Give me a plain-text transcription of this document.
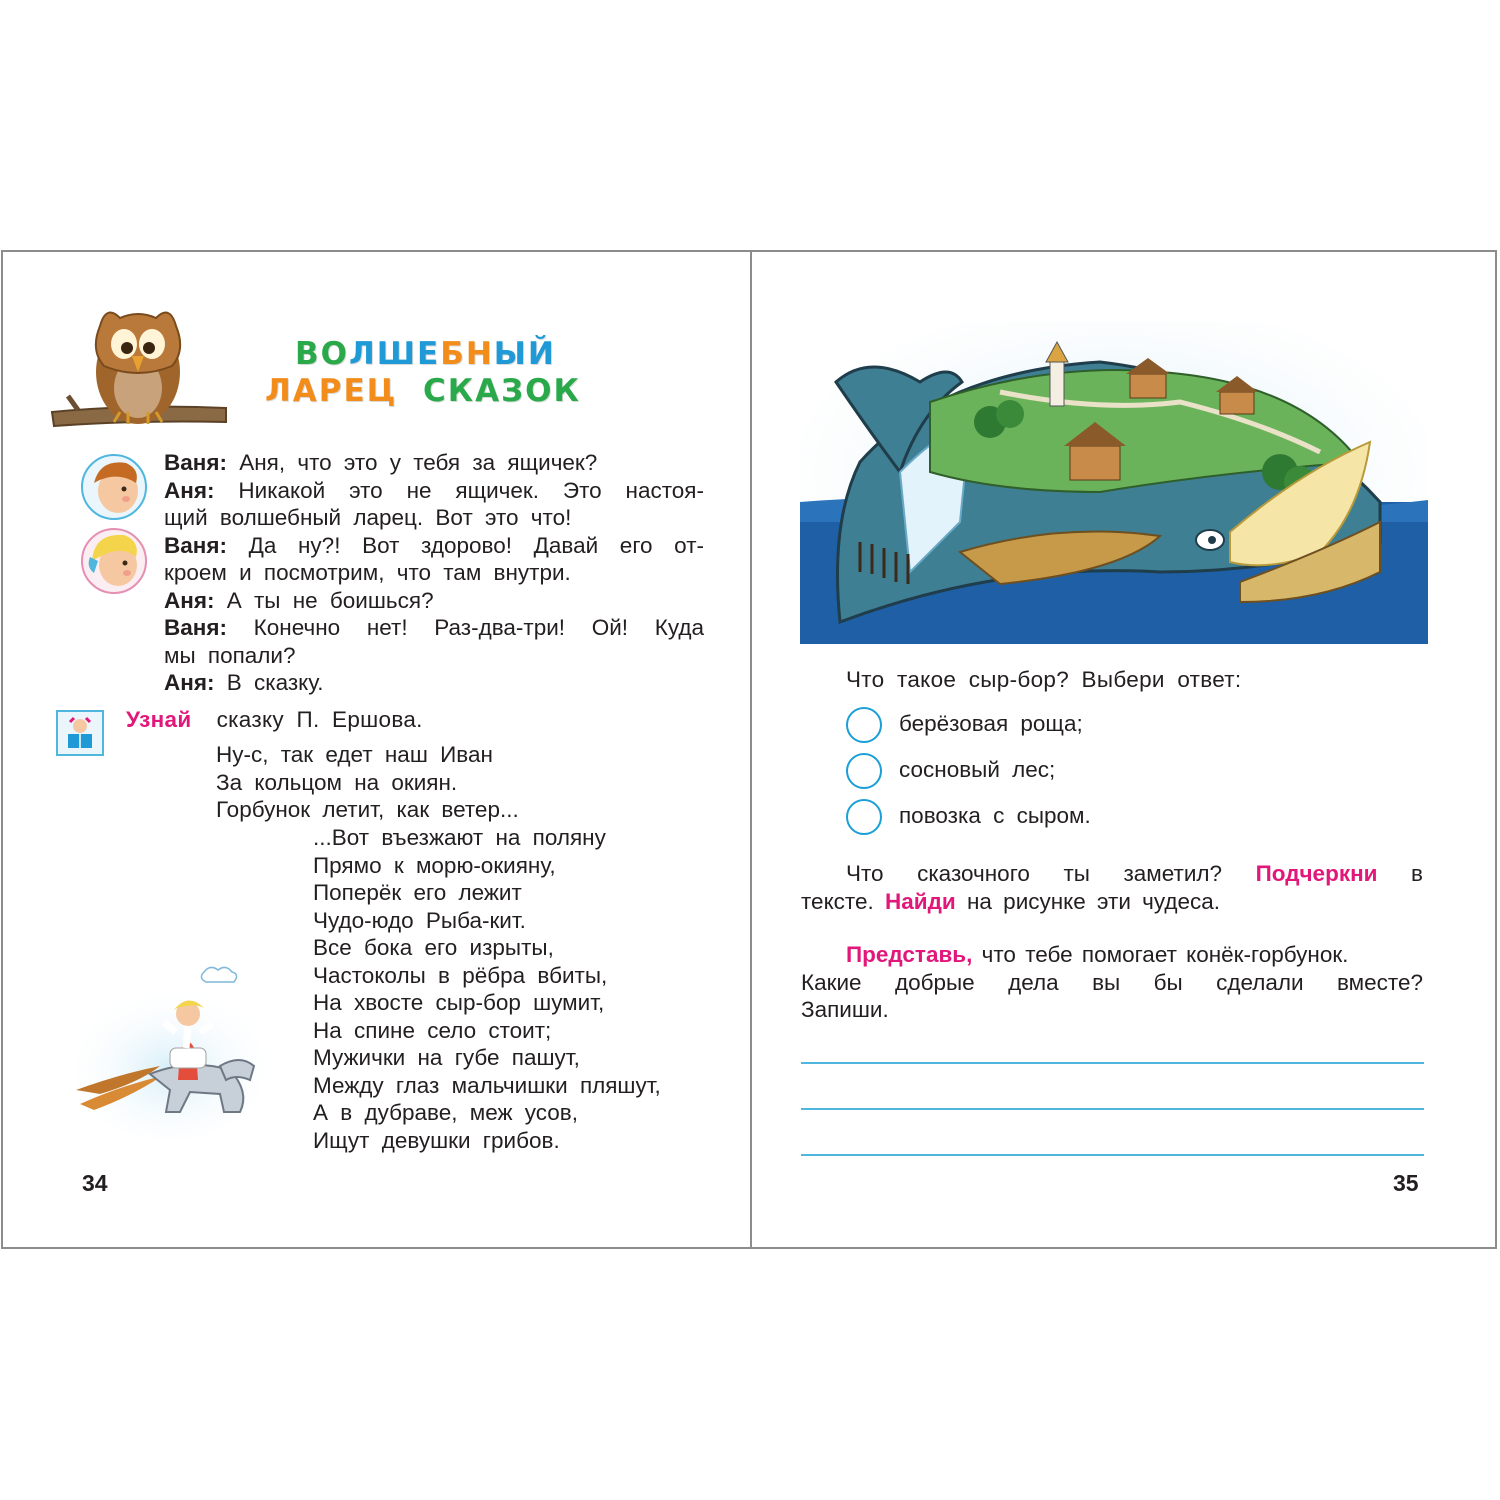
ВОЛШЕБНЫЙ
ЛАРЕЦ СКАЗОК
Ваня: Аня, что это у тебя за ящичек?
Аня: Никакой это не ящичек. Это настоя-
щий волшебный ларец. Вот это что!
Ваня: Да ну?! Вот здорово! Давай его от-
кроем и посмотрим, что там внутри.
Аня: А ты не боишься?
Ваня: Конечно нет! Раз-два-три! Ой! Куда
мы попали?
Аня: В сказку.
Узнай сказку П. Ершова.
Ну-с, так едет наш Иван
За кольцом на окиян.
Горбунок летит, как ветер...
...Вот въезжают на поляну
Прямо к морю-окияну,
Поперёк его лежит
Чудо-юдо Рыба-кит.
Все бока его изрыты,
Частоколы в рёбра вбиты,
На хвосте сыр-бор шумит,
На спине село стоит;
Мужички на губе пашут,
Между глаз мальчишки пляшут,
А в дубраве, меж усов,
Ищут девушки грибов.
34
Что такое сыр-бор? Выбери ответ:
берёзовая роща;
сосновый лес;
повозка с сыром.
Что сказочного ты заметил? Подчеркни в
тексте. Найди на рисунке эти чудеса.
Представь, что тебе помогает конёк-горбунок.
Какие добрые дела вы бы сделали вместе?
Запиши.
35
